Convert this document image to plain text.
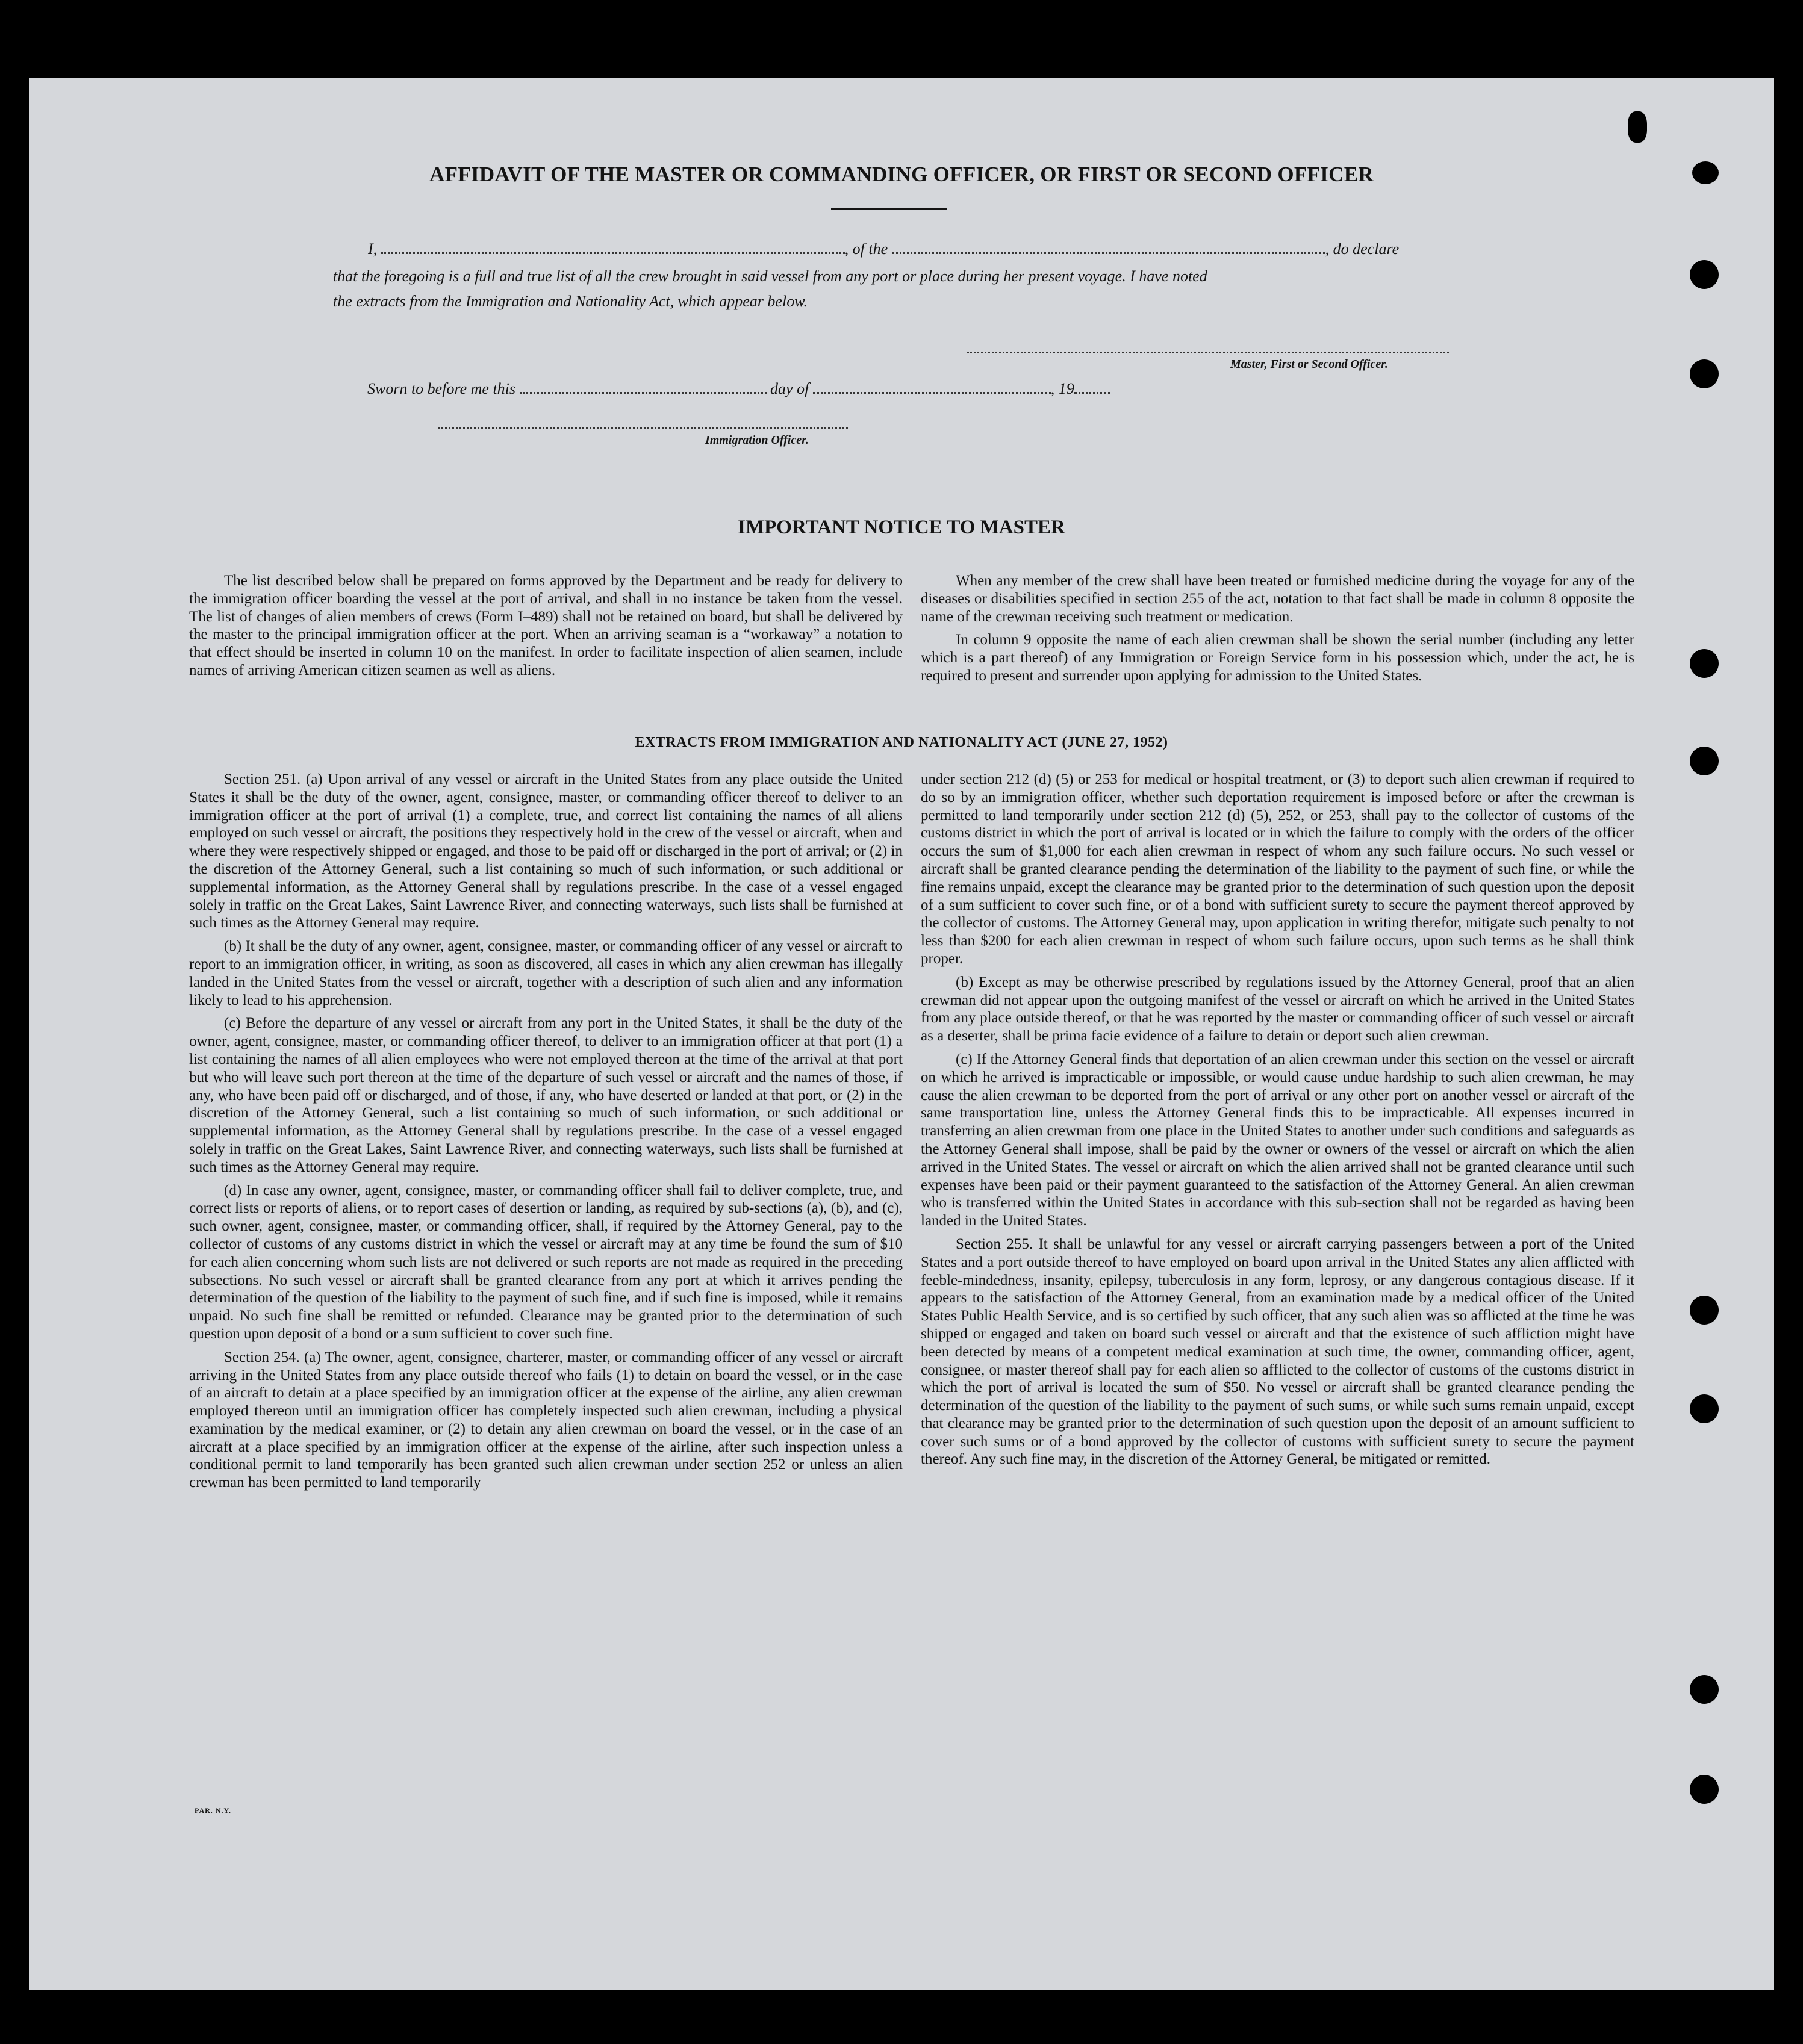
AFFIDAVIT OF THE MASTER OR COMMANDING OFFICER, OR FIRST OR SECOND OFFICER
I,	, of the	, do declare
that the foregoing is a full and true list of all the crew brought in said vessel from any port or place during her present voyage. I have noted
the extracts from the Immigration and Nationality Act, which appear below.
Master, First or Second Officer.
Sworn to before me this	day of	, 19
Immigration Officer.
IMPORTANT NOTICE TO MASTER

The list described below shall be prepared on forms approved by the Department and be ready for delivery to the immigration officer boarding the vessel at the port of arrival, and shall in no instance be taken from the vessel. The list of changes of alien members of crews (Form I–489) shall not be retained on board, but shall be delivered by the master to the principal immigration officer at the port. When an arriving seaman is a “workaway” a notation to that effect should be inserted in column 10 on the manifest. In order to facilitate inspection of alien seamen, include names of arriving American citizen seamen as well as aliens.

When any member of the crew shall have been treated or furnished medicine during the voyage for any of the diseases or disabilities specified in section 255 of the act, notation to that fact shall be made in column 8 opposite the name of the crewman receiving such treatment or medication.

In column 9 opposite the name of each alien crewman shall be shown the serial number (including any letter which is a part thereof) of any Immigration or Foreign Service form in his possession which, under the act, he is required to present and surrender upon applying for admission to the United States.

EXTRACTS FROM IMMIGRATION AND NATIONALITY ACT (JUNE 27, 1952)

Section 251. (a) Upon arrival of any vessel or aircraft in the United States from any place outside the United States it shall be the duty of the owner, agent, consignee, master, or commanding officer thereof to deliver to an immigration officer at the port of arrival (1) a complete, true, and correct list containing the names of all aliens employed on such vessel or aircraft, the positions they respectively hold in the crew of the vessel or aircraft, when and where they were respectively shipped or engaged, and those to be paid off or discharged in the port of arrival; or (2) in the discretion of the Attorney General, such a list containing so much of such information, or such additional or supplemental information, as the Attorney General shall by regulations prescribe. In the case of a vessel engaged solely in traffic on the Great Lakes, Saint Lawrence River, and connecting waterways, such lists shall be furnished at such times as the Attorney General may require.

(b) It shall be the duty of any owner, agent, consignee, master, or commanding officer of any vessel or aircraft to report to an immigration officer, in writing, as soon as discovered, all cases in which any alien crewman has illegally landed in the United States from the vessel or aircraft, together with a description of such alien and any information likely to lead to his apprehension.

(c) Before the departure of any vessel or aircraft from any port in the United States, it shall be the duty of the owner, agent, consignee, master, or commanding officer thereof, to deliver to an immigration officer at that port (1) a list containing the names of all alien employees who were not employed thereon at the time of the arrival at that port but who will leave such port thereon at the time of the departure of such vessel or aircraft and the names of those, if any, who have been paid off or discharged, and of those, if any, who have deserted or landed at that port, or (2) in the discretion of the Attorney General, such a list containing so much of such information, or such additional or supplemental information, as the Attorney General shall by regulations prescribe. In the case of a vessel engaged solely in traffic on the Great Lakes, Saint Lawrence River, and connecting waterways, such lists shall be furnished at such times as the Attorney General may require.

(d) In case any owner, agent, consignee, master, or commanding officer shall fail to deliver complete, true, and correct lists or reports of aliens, or to report cases of desertion or landing, as required by sub-sections (a), (b), and (c), such owner, agent, consignee, master, or commanding officer, shall, if required by the Attorney General, pay to the collector of customs of any customs district in which the vessel or aircraft may at any time be found the sum of $10 for each alien concerning whom such lists are not delivered or such reports are not made as required in the preceding subsections. No such vessel or aircraft shall be granted clearance from any port at which it arrives pending the determination of the question of the liability to the payment of such fine, and if such fine is imposed, while it remains unpaid. No such fine shall be remitted or refunded. Clearance may be granted prior to the determination of such question upon deposit of a bond or a sum sufficient to cover such fine.

Section 254. (a) The owner, agent, consignee, charterer, master, or commanding officer of any vessel or aircraft arriving in the United States from any place outside thereof who fails (1) to detain on board the vessel, or in the case of an aircraft to detain at a place specified by an immigration officer at the expense of the airline, any alien crewman employed thereon until an immigration officer has completely inspected such alien crewman, including a physical examination by the medical examiner, or (2) to detain any alien crewman on board the vessel, or in the case of an aircraft at a place specified by an immigration officer at the expense of the airline, after such inspection unless a conditional permit to land temporarily has been granted such alien crewman under section 252 or unless an alien crewman has been permitted to land temporarily

under section 212 (d) (5) or 253 for medical or hospital treatment, or (3) to deport such alien crewman if required to do so by an immigration officer, whether such deportation requirement is imposed before or after the crewman is permitted to land temporarily under section 212 (d) (5), 252, or 253, shall pay to the collector of customs of the customs district in which the port of arrival is located or in which the failure to comply with the orders of the officer occurs the sum of $1,000 for each alien crewman in respect of whom any such failure occurs. No such vessel or aircraft shall be granted clearance pending the determination of the liability to the payment of such fine, or while the fine remains unpaid, except the clearance may be granted prior to the determination of such question upon the deposit of a sum sufficient to cover such fine, or of a bond with sufficient surety to secure the payment thereof approved by the collector of customs. The Attorney General may, upon application in writing therefor, mitigate such penalty to not less than $200 for each alien crewman in respect of whom such failure occurs, upon such terms as he shall think proper.

(b) Except as may be otherwise prescribed by regulations issued by the Attorney General, proof that an alien crewman did not appear upon the outgoing manifest of the vessel or aircraft on which he arrived in the United States from any place outside thereof, or that he was reported by the master or commanding officer of such vessel or aircraft as a deserter, shall be prima facie evidence of a failure to detain or deport such alien crewman.

(c) If the Attorney General finds that deportation of an alien crewman under this section on the vessel or aircraft on which he arrived is impracticable or impossible, or would cause undue hardship to such alien crewman, he may cause the alien crewman to be deported from the port of arrival or any other port on another vessel or aircraft of the same transportation line, unless the Attorney General finds this to be impracticable. All expenses incurred in transferring an alien crewman from one place in the United States to another under such conditions and safeguards as the Attorney General shall impose, shall be paid by the owner or owners of the vessel or aircraft on which the alien arrived in the United States. The vessel or aircraft on which the alien arrived shall not be granted clearance until such expenses have been paid or their payment guaranteed to the satisfaction of the Attorney General. An alien crewman who is transferred within the United States in accordance with this sub-section shall not be regarded as having been landed in the United States.

Section 255. It shall be unlawful for any vessel or aircraft carrying passengers between a port of the United States and a port outside thereof to have employed on board upon arrival in the United States any alien afflicted with feeble-mindedness, insanity, epilepsy, tuberculosis in any form, leprosy, or any dangerous contagious disease. If it appears to the satisfaction of the Attorney General, from an examination made by a medical officer of the United States Public Health Service, and is so certified by such officer, that any such alien was so afflicted at the time he was shipped or engaged and taken on board such vessel or aircraft and that the existence of such affliction might have been detected by means of a competent medical examination at such time, the owner, commanding officer, agent, consignee, or master thereof shall pay for each alien so afflicted to the collector of customs of the customs district in which the port of arrival is located the sum of $50. No vessel or aircraft shall be granted clearance pending the determination of the question of the liability to the payment of such sums, or while such sums remain unpaid, except that clearance may be granted prior to the determination of such question upon the deposit of an amount sufficient to cover such sums or of a bond approved by the collector of customs with sufficient surety to secure the payment thereof. Any such fine may, in the discretion of the Attorney General, be mitigated or remitted.

PAR. N.Y.
